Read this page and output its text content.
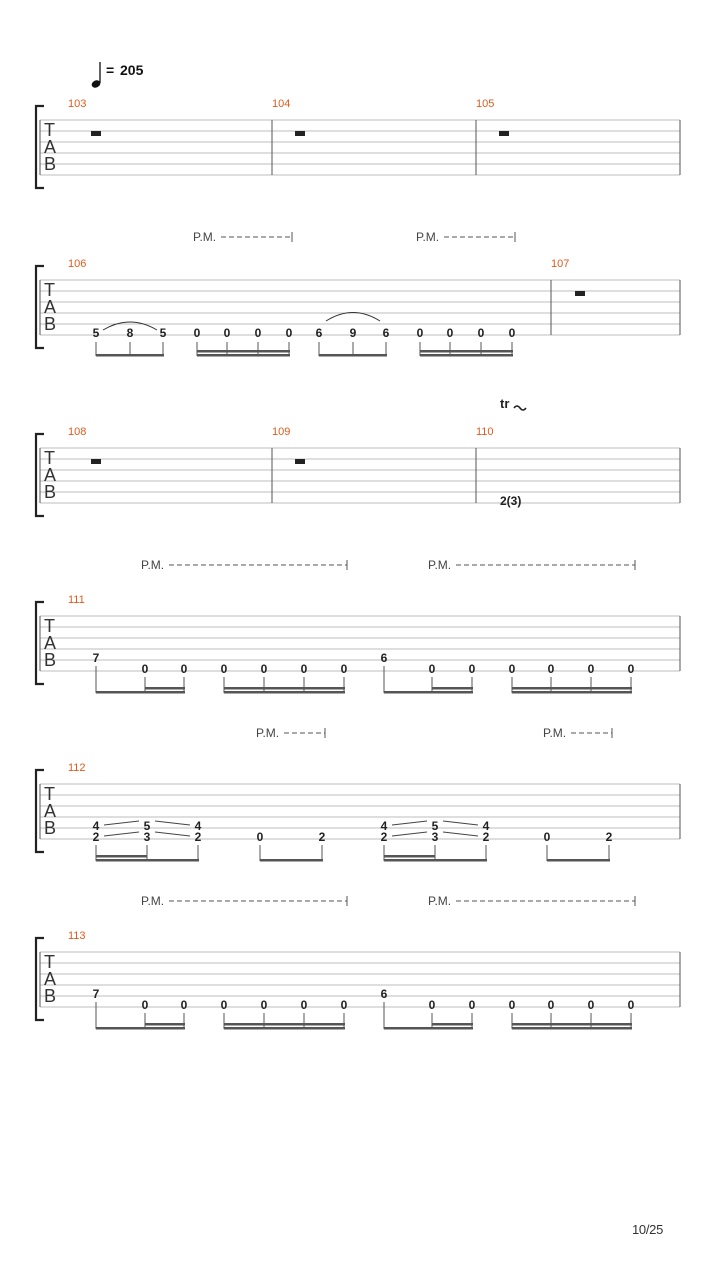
= 205
T
A
B
103	104	105
T
A
B
106	107
T
A
B
108	109	110
T
A
B
111
T
A
B
112
T
A
B
113
5 8 5 0 0 0 0 6 9 6 0 0 0 0
P.M.	P.M.
2(3)
tr
7
0	0	0	0	0	0
6
0	0	0	0	0	0
P.M.	P.M.
7
0	0	0	0	0	0
6
0	0	0	0	0	0
P.M.	P.M.
4
2
5
3
4
2	0	2
4
2
5
3
4
2	0	2
P.M.	P.M.
10/25
